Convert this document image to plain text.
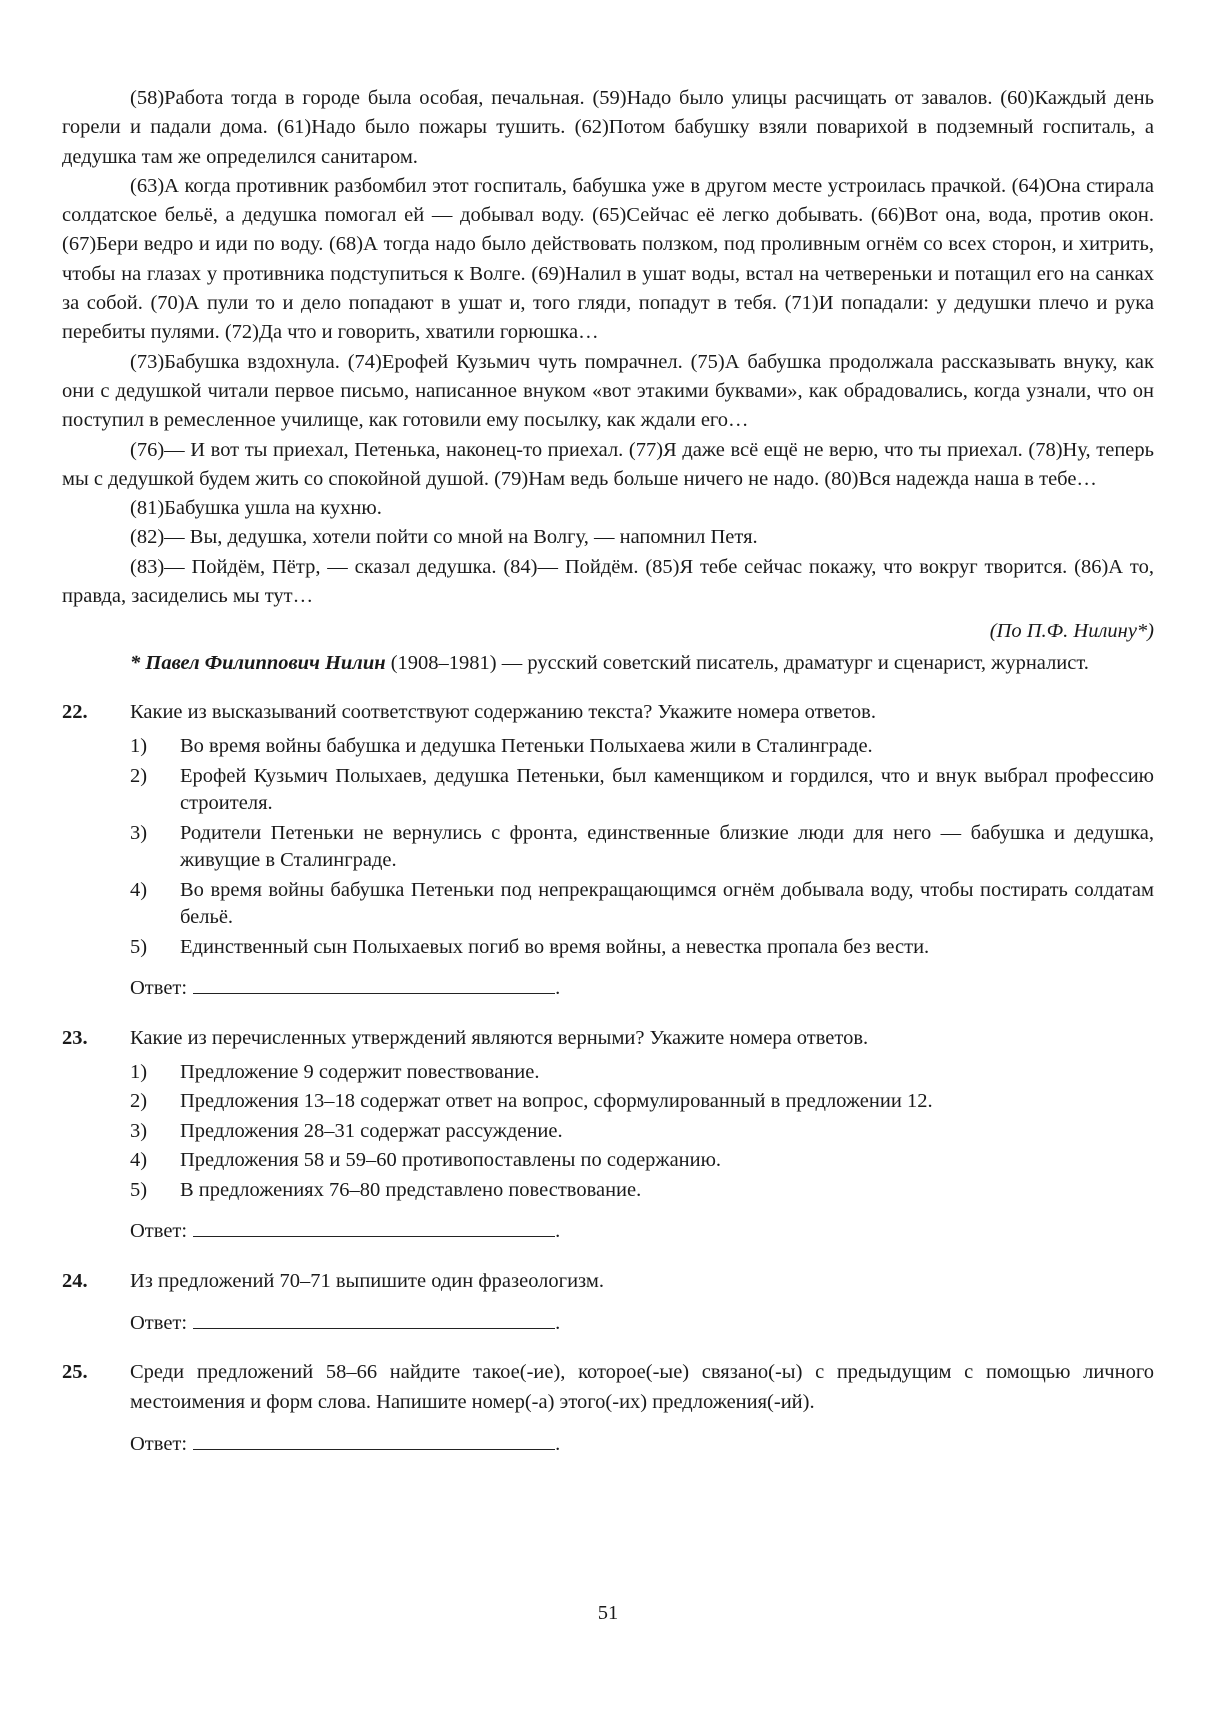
(58)Работа тогда в городе была особая, печальная. (59)Надо было улицы расчищать от завалов. (60)Каждый день горели и падали дома. (61)Надо было пожары тушить. (62)Потом бабушку взяли поварихой в подземный госпиталь, а дедушка там же определился санитаром.

(63)А когда противник разбомбил этот госпиталь, бабушка уже в другом месте устроилась прачкой. (64)Она стирала солдатское бельё, а дедушка помогал ей — добывал воду. (65)Сейчас её легко добывать. (66)Вот она, вода, против окон. (67)Бери ведро и иди по воду. (68)А тогда надо было действовать ползком, под проливным огнём со всех сторон, и хитрить, чтобы на глазах у противника подступиться к Волге. (69)Налил в ушат воды, встал на четвереньки и потащил его на санках за собой. (70)А пули то и дело попадают в ушат и, того гляди, попадут в тебя. (71)И попадали: у дедушки плечо и рука перебиты пулями. (72)Да что и говорить, хватили горюшка…

(73)Бабушка вздохнула. (74)Ерофей Кузьмич чуть помрачнел. (75)А бабушка продолжала рассказывать внуку, как они с дедушкой читали первое письмо, написанное внуком «вот этакими буквами», как обрадовались, когда узнали, что он поступил в ремесленное училище, как готовили ему посылку, как ждали его…

(76)— И вот ты приехал, Петенька, наконец-то приехал. (77)Я даже всё ещё не верю, что ты приехал. (78)Ну, теперь мы с дедушкой будем жить со спокойной душой. (79)Нам ведь больше ничего не надо. (80)Вся надежда наша в тебе…

(81)Бабушка ушла на кухню.

(82)— Вы, дедушка, хотели пойти со мной на Волгу, — напомнил Петя.

(83)— Пойдём, Пётр, — сказал дедушка. (84)— Пойдём. (85)Я тебе сейчас покажу, что вокруг творится. (86)А то, правда, засиделись мы тут…

(По П.Ф. Нилину*)

* Павел Филиппович Нилин (1908–1981) — русский советский писатель, драматург и сценарист, журналист.

22. Какие из высказываний соответствуют содержанию текста? Укажите номера ответов.

1) Во время войны бабушка и дедушка Петеньки Полыхаева жили в Сталинграде.
2) Ерофей Кузьмич Полыхаев, дедушка Петеньки, был каменщиком и гордился, что и внук выбрал профессию строителя.
3) Родители Петеньки не вернулись с фронта, единственные близкие люди для него — бабушка и дедушка, живущие в Сталинграде.
4) Во время войны бабушка Петеньки под непрекращающимся огнём добывала воду, чтобы постирать солдатам бельё.
5) Единственный сын Полыхаевых погиб во время войны, а невестка пропала без вести.
Ответ:	.
23. Какие из перечисленных утверждений являются верными? Укажите номера ответов.

1) Предложение 9 содержит повествование.
2) Предложения 13–18 содержат ответ на вопрос, сформулированный в предложении 12.
3) Предложения 28–31 содержат рассуждение.
4) Предложения 58 и 59–60 противопоставлены по содержанию.
5) В предложениях 76–80 представлено повествование.
Ответ:	.
24. Из предложений 70–71 выпишите один фразеологизм.

Ответ:	.
25. Среди предложений 58–66 найдите такое(-ие), которое(-ые) связано(-ы) с предыдущим с помощью личного местоимения и форм слова. Напишите номер(-а) этого(-их) предложения(-ий).

Ответ:	.
51
